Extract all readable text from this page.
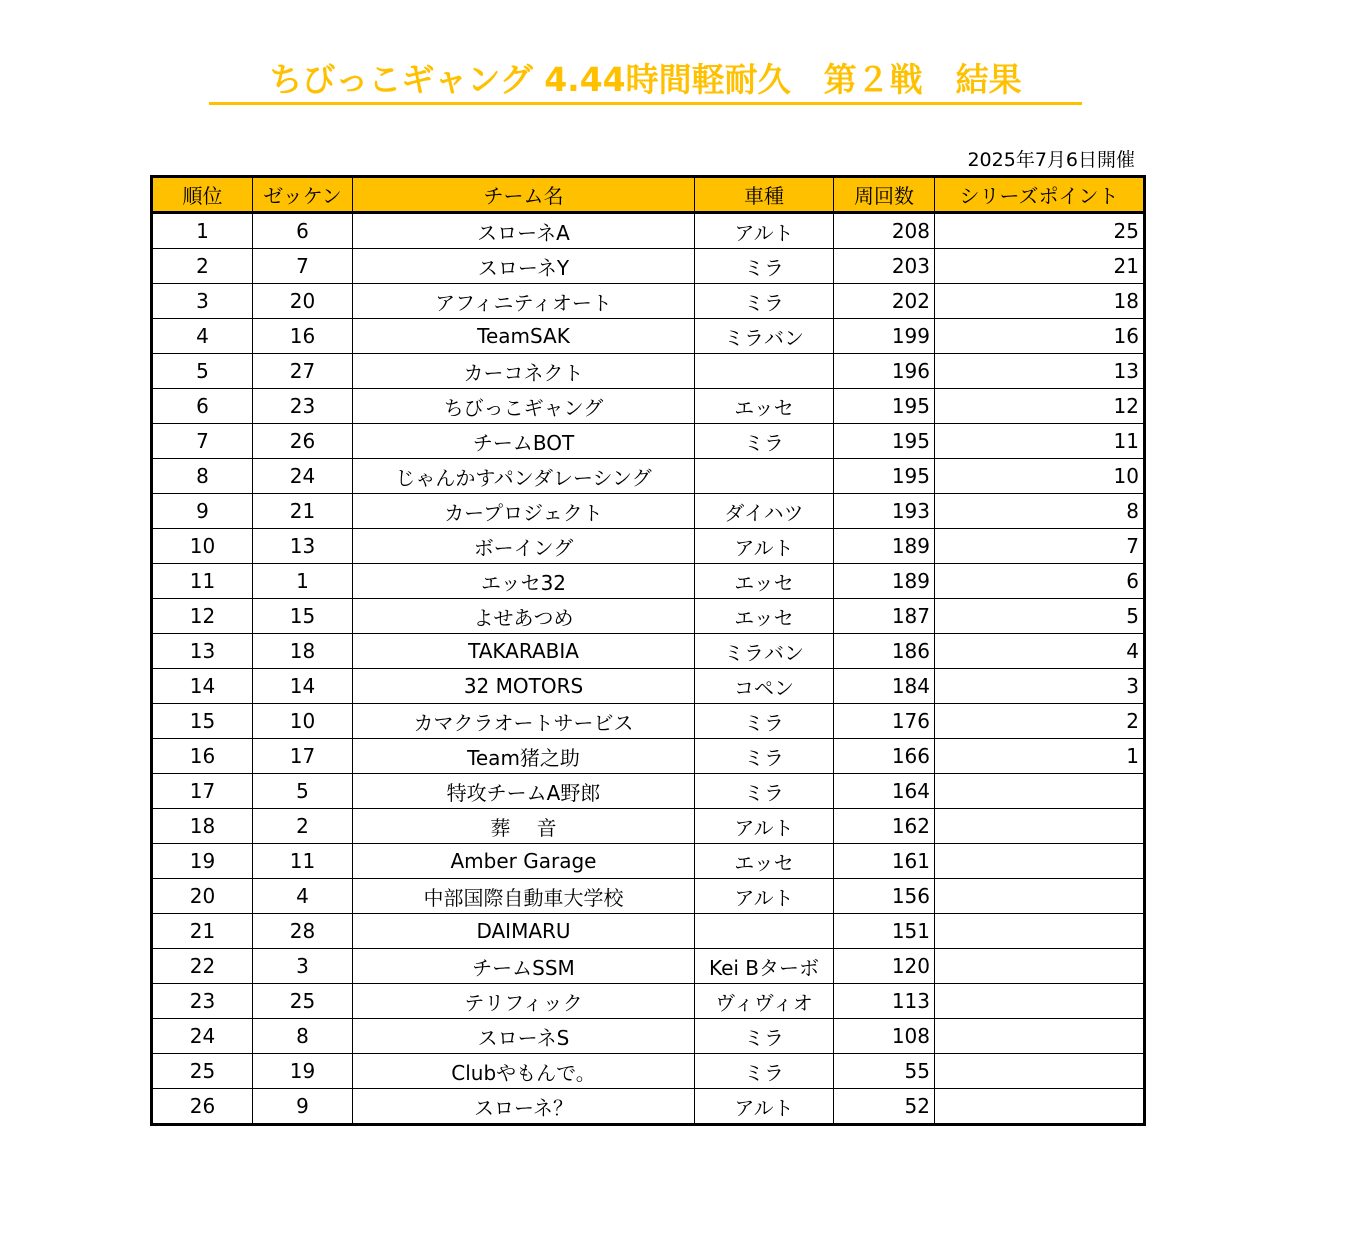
ちびっこギャング 4.44時間軽耐久　第２戦　結果
2025年7月6日開催
順位	ゼッケン	チーム名	車種	周回数	シリーズポイント
1	6	スローネA	アルト	208	25
2	7	スローネY	ミラ	203	21
3	20	アフィニティオート	ミラ	202	18
4	16	TeamSAK	ミラバン	199	16
5	27	カーコネクト		196	13
6	23	ちびっこギャング	エッセ	195	12
7	26	チームBOT	ミラ	195	11
8	24	じゃんかすパンダレーシング		195	10
9	21	カープロジェクト	ダイハツ	193	8
10	13	ボーイング	アルト	189	7
11	1	エッセ32	エッセ	189	6
12	15	よせあつめ	エッセ	187	5
13	18	TAKARABIA	ミラバン	186	4
14	14	32 MOTORS	コペン	184	3
15	10	カマクラオートサービス	ミラ	176	2
16	17	Team猪之助	ミラ	166	1
17	5	特攻チームA野郎	ミラ	164	
18	2	葬　 音	アルト	162	
19	11	Amber Garage	エッセ	161	
20	4	中部国際自動車大学校	アルト	156	
21	28	DAIMARU		151	
22	3	チームSSM	Kei Bターボ	120	
23	25	テリフィック	ヴィヴィオ	113	
24	8	スローネS	ミラ	108	
25	19	Clubやもんで。	ミラ	55	
26	9	スローネ？	アルト	52	
